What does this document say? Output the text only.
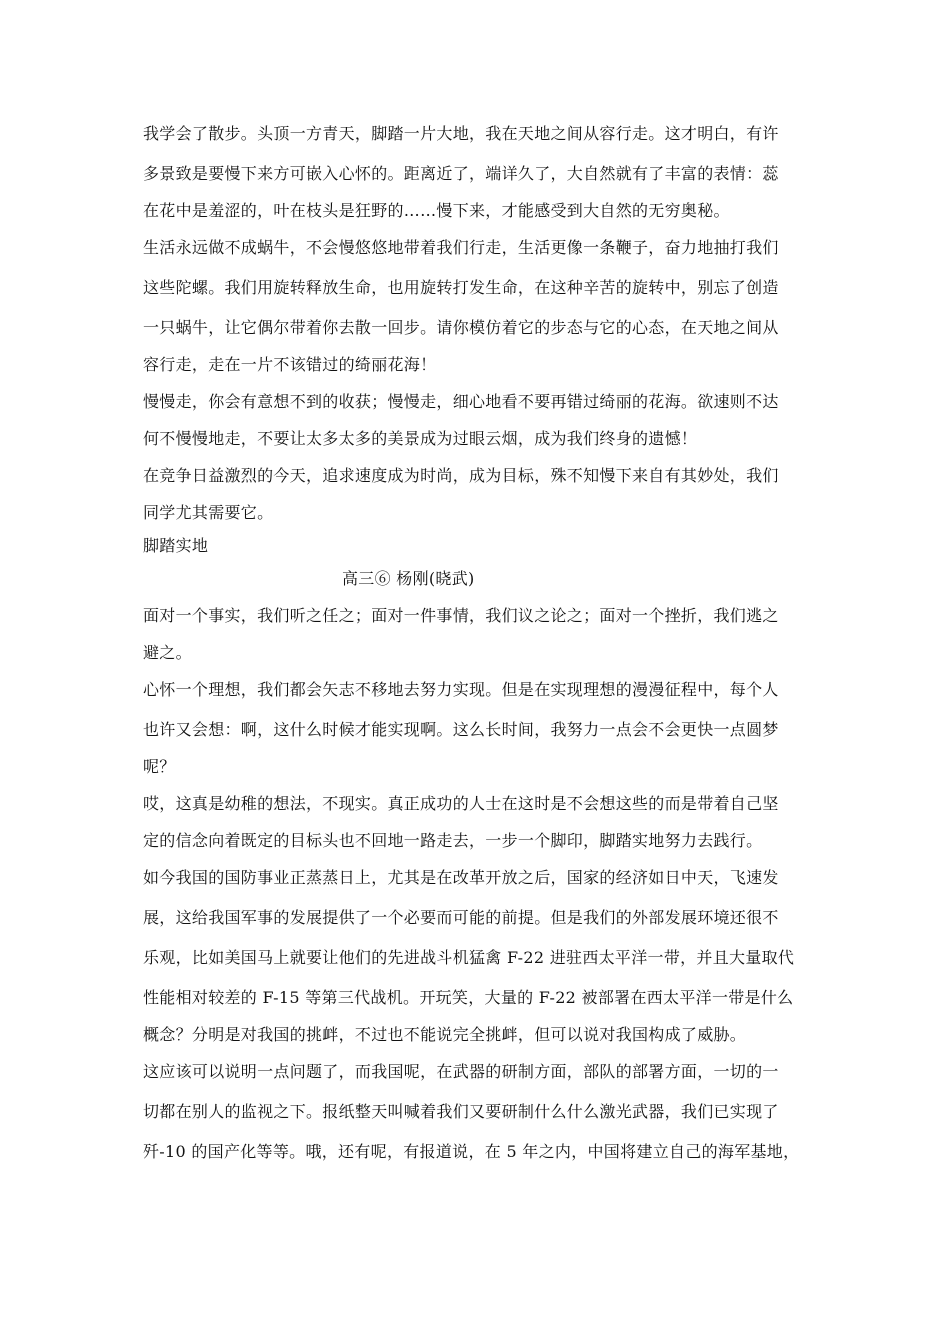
我学会了散步。头顶一方青天，脚踏一片大地，我在天地之间从容行走。这才明白，有许
多景致是要慢下来方可嵌入心怀的。距离近了，端详久了，大自然就有了丰富的表情：蕊
在花中是羞涩的，叶在枝头是狂野的……慢下来，才能感受到大自然的无穷奥秘。
生活永远做不成蜗牛，不会慢悠悠地带着我们行走，生活更像一条鞭子，奋力地抽打我们
这些陀螺。我们用旋转释放生命，也用旋转打发生命，在这种辛苦的旋转中，别忘了创造
一只蜗牛，让它偶尔带着你去散一回步。请你模仿着它的步态与它的心态，在天地之间从
容行走，走在一片不该错过的绮丽花海！
慢慢走，你会有意想不到的收获；慢慢走，细心地看不要再错过绮丽的花海。欲速则不达
何不慢慢地走，不要让太多太多的美景成为过眼云烟，成为我们终身的遗憾！
在竞争日益激烈的今天，追求速度成为时尚，成为目标，殊不知慢下来自有其妙处，我们
同学尤其需要它。
脚踏实地
高三⑥ 杨刚(晓武)
面对一个事实，我们听之任之；面对一件事情，我们议之论之；面对一个挫折，我们逃之
避之。
心怀一个理想，我们都会矢志不移地去努力实现。但是在实现理想的漫漫征程中，每个人
也许又会想：啊，这什么时候才能实现啊。这么长时间，我努力一点会不会更快一点圆梦
呢？
哎，这真是幼稚的想法，不现实。真正成功的人士在这时是不会想这些的而是带着自己坚
定的信念向着既定的目标头也不回地一路走去，一步一个脚印，脚踏实地努力去践行。
如今我国的国防事业正蒸蒸日上，尤其是在改革开放之后，国家的经济如日中天，飞速发
展，这给我国军事的发展提供了一个必要而可能的前提。但是我们的外部发展环境还很不
乐观，比如美国马上就要让他们的先进战斗机猛禽 F-22 进驻西太平洋一带，并且大量取代
性能相对较差的 F-15 等第三代战机。开玩笑，大量的 F-22 被部署在西太平洋一带是什么
概念？分明是对我国的挑衅，不过也不能说完全挑衅，但可以说对我国构成了威胁。
这应该可以说明一点问题了，而我国呢，在武器的研制方面，部队的部署方面，一切的一
切都在别人的监视之下。报纸整天叫喊着我们又要研制什么什么激光武器，我们已实现了
歼-10 的国产化等等。哦，还有呢，有报道说，在 5 年之内，中国将建立自己的海军基地，
